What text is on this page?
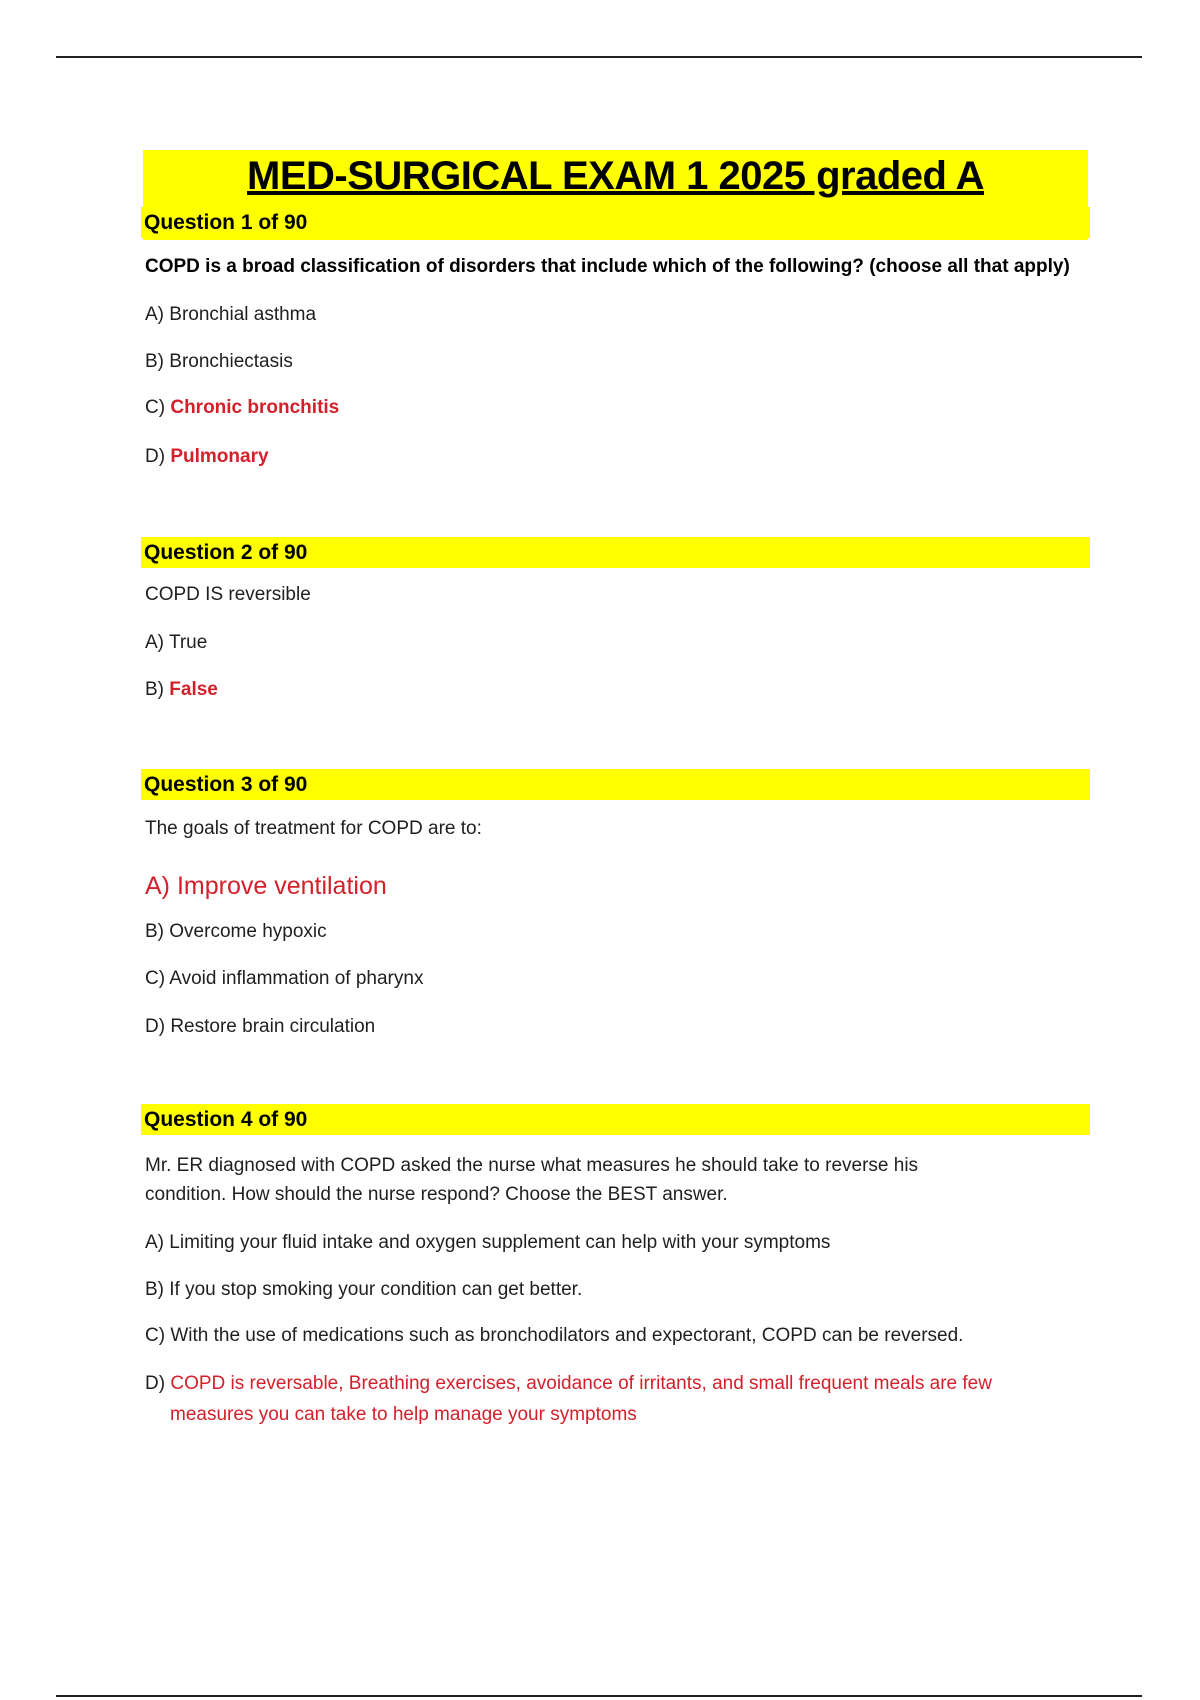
MED-SURGICAL EXAM 1 2025 graded A
Question 1 of 90
COPD is a broad classification of disorders that include which of the following? (choose all that apply)
A) Bronchial asthma
B) Bronchiectasis
C) Chronic bronchitis
D) Pulmonary
Question 2 of 90
COPD IS reversible
A) True
B) False
Question 3 of 90
The goals of treatment for COPD are to:
A) Improve ventilation
B) Overcome hypoxic
C) Avoid inflammation of pharynx
D) Restore brain circulation
Question 4 of 90
Mr. ER diagnosed with COPD asked the nurse what measures he should take to reverse his
condition. How should the nurse respond? Choose the BEST answer.
A) Limiting your fluid intake and oxygen supplement can help with your symptoms
B) If you stop smoking your condition can get better.
C) With the use of medications such as bronchodilators and expectorant, COPD can be reversed.
D) COPD is reversable, Breathing exercises, avoidance of irritants, and small frequent meals are few
measures you can take to help manage your symptoms
